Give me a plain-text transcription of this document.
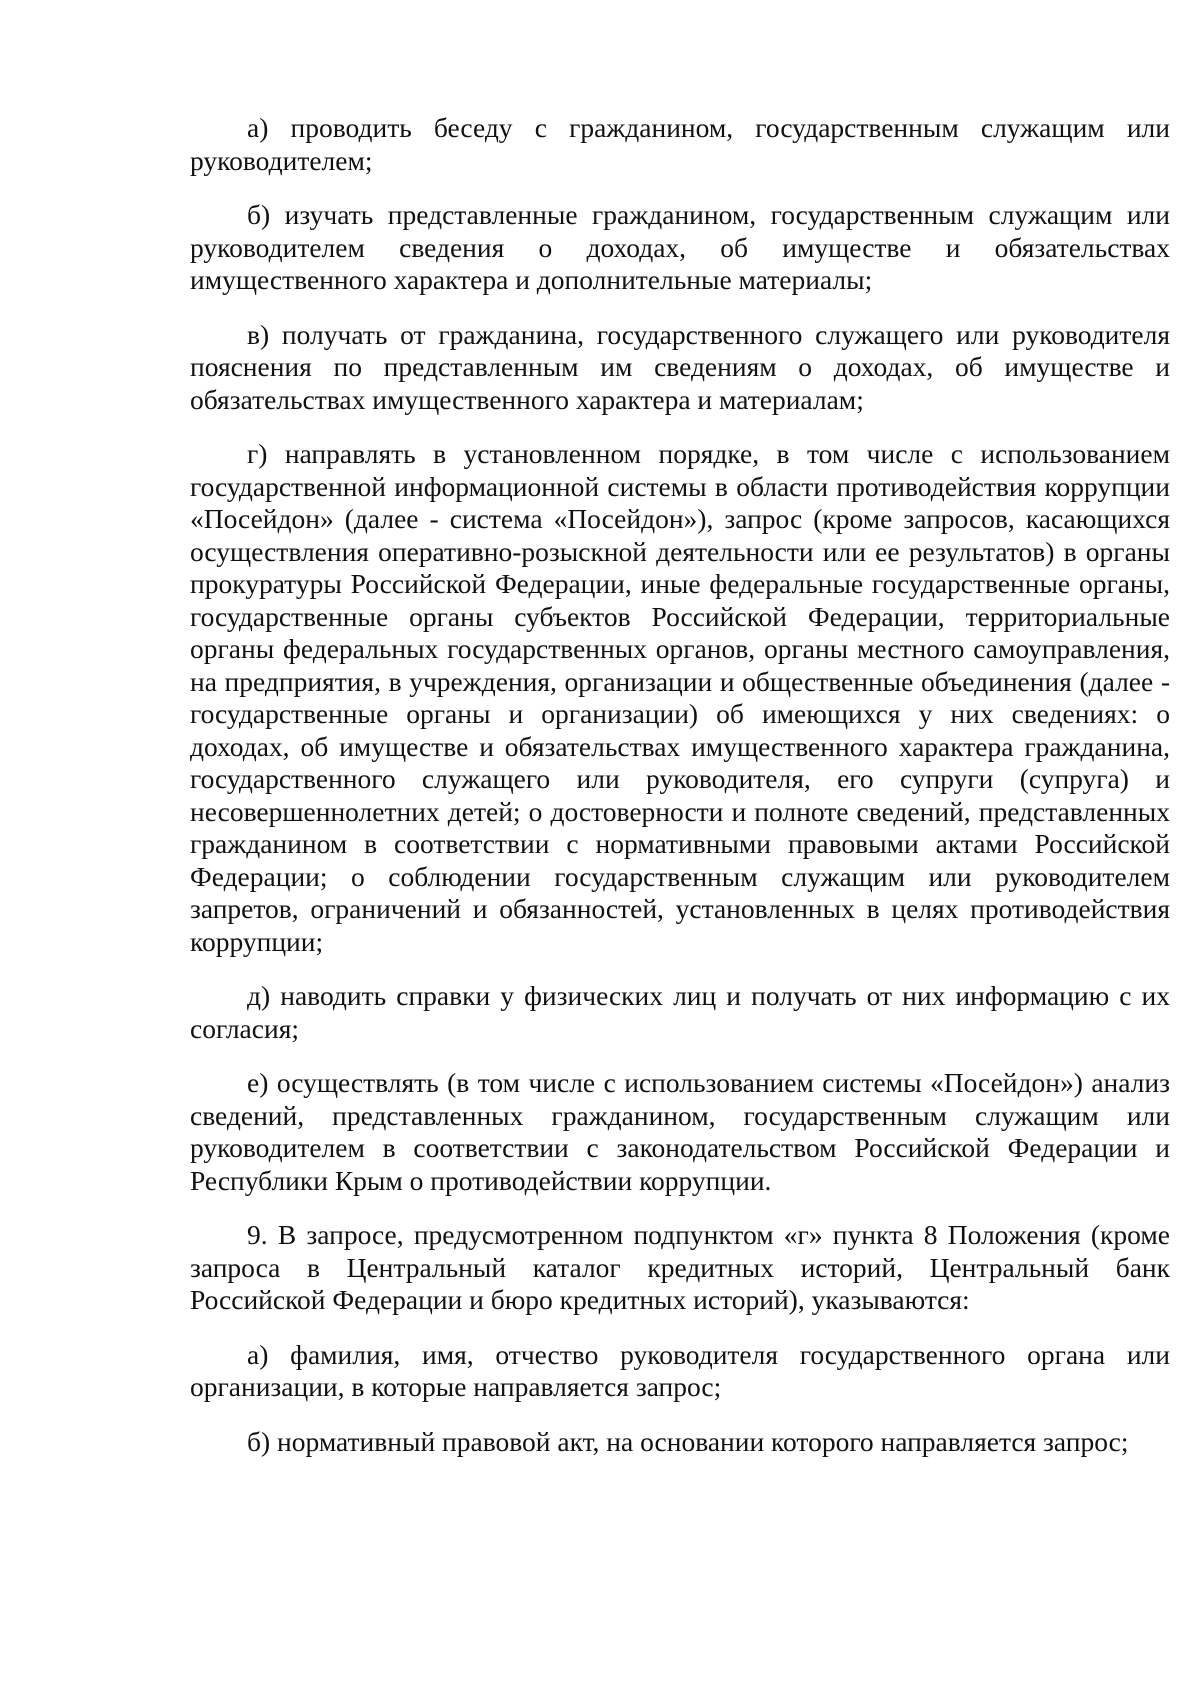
а) проводить беседу с гражданином, государственным служащим или руководителем;

б) изучать представленные гражданином, государственным служащим или руководителем сведения о доходах, об имуществе и обязательствах имущественного характера и дополнительные материалы;

в) получать от гражданина, государственного служащего или руководителя пояснения по представленным им сведениям о доходах, об имуществе и обязательствах имущественного характера и материалам;

г) направлять в установленном порядке, в том числе с использованием государственной информационной системы в области противодействия коррупции «Посейдон» (далее - система «Посейдон»), запрос (кроме запросов, касающихся осуществления оперативно-розыскной деятельности или ее результатов) в органы прокуратуры Российской Федерации, иные федеральные государственные органы, государственные органы субъектов Российской Федерации, территориальные органы федеральных государственных органов, органы местного самоуправления, на предприятия, в учреждения, организации и общественные объединения (далее - государственные органы и организации) об имеющихся у них сведениях: о доходах, об имуществе и обязательствах имущественного характера гражданина, государственного служащего или руководителя, его супруги (супруга) и несовершеннолетних детей; о достоверности и полноте сведений, представленных гражданином в соответствии с нормативными правовыми актами Российской Федерации; о соблюдении государственным служащим или руководителем запретов, ограничений и обязанностей, установленных в целях противодействия коррупции;

д) наводить справки у физических лиц и получать от них информацию с их согласия;

е) осуществлять (в том числе с использованием системы «Посейдон») анализ сведений, представленных гражданином, государственным служащим или руководителем в соответствии с законодательством Российской Федерации и Республики Крым о противодействии коррупции.

9. В запросе, предусмотренном подпунктом «г» пункта 8 Положения (кроме запроса в Центральный каталог кредитных историй, Центральный банк Российской Федерации и бюро кредитных историй), указываются:

а) фамилия, имя, отчество руководителя государственного органа или организации, в которые направляется запрос;

б) нормативный правовой акт, на основании которого направляется запрос;
